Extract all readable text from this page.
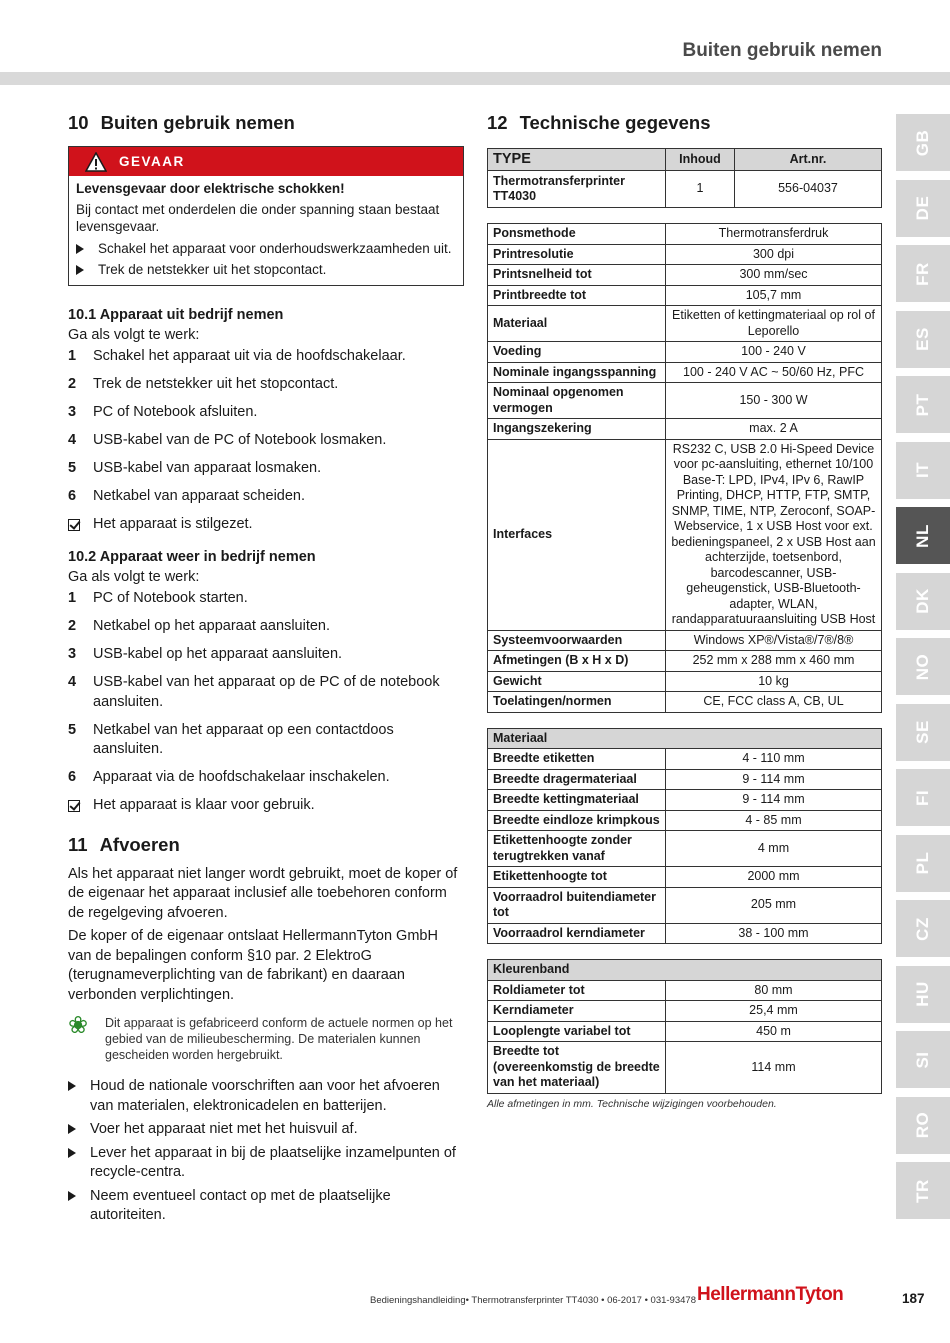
Buiten gebruik nemen
GB
DE
FR
ES
PT
IT
NL
DK
NO
SE
FI
PL
CZ
HU
SI
RO
TR
10 Buiten gebruik nemen
GEVAAR
Levensgevaar door elektrische schokken!
Bij contact met onderdelen die onder spanning staan bestaat levensgevaar.
Schakel het apparaat voor onderhoudswerkzaamheden uit.
Trek de netstekker uit het stopcontact.
10.1 Apparaat uit bedrijf nemen
Ga als volgt te werk:
1	Schakel het apparaat uit via de hoofdschakelaar.
2	Trek de netstekker uit het stopcontact.
3	PC of Notebook afsluiten.
4	USB-kabel van de PC of Notebook losmaken.
5	USB-kabel van apparaat losmaken.
6	Netkabel van apparaat scheiden.
Het apparaat is stilgezet.
10.2 Apparaat weer in bedrijf nemen
Ga als volgt te werk:
1	PC of Notebook starten.
2	Netkabel op het apparaat aansluiten.
3	USB-kabel op het apparaat aansluiten.
4	USB-kabel van het apparaat op de PC of de notebook aansluiten.
5	Netkabel van het apparaat op een contactdoos aansluiten.
6	Apparaat via de hoofdschakelaar inschakelen.
Het apparaat is klaar voor gebruik.
11 Afvoeren
Als het apparaat niet langer wordt gebruikt, moet de koper of de eigenaar het apparaat inclusief alle toebehoren conform de regelgeving afvoeren.
De koper of de eigenaar ontslaat HellermannTyton GmbH van de bepalingen conform §10 par. 2 ElektroG (terugnameverplichting van de fabrikant) en daaraan verbonden verplichtingen.
❀	Dit apparaat is gefabriceerd conform de actuele normen op het gebied van de milieubescherming. De materialen kunnen gescheiden worden hergebruikt.
Houd de nationale voorschriften aan voor het afvoeren van materialen, elektronicadelen en batterijen.
Voer het apparaat niet met het huisvuil af.
Lever het apparaat in bij de plaatselijke inzamelpunten of recycle-centra.
Neem eventueel contact op met de plaatselijke autoriteiten.
12 Technische gegevens
TYPE	Inhoud	Art.nr.
Thermotransferprinter TT4030	1	556-04037
Ponsmethode	Thermotransferdruk
Printresolutie	300 dpi
Printsnelheid tot	300 mm/sec
Printbreedte tot	105,7 mm
Materiaal	Etiketten of kettingmateriaal op rol of Leporello
Voeding	100 - 240 V
Nominale ingangsspanning	100 - 240 V AC ~ 50/60 Hz, PFC
Nominaal opgenomen vermogen	150 - 300 W
Ingangszekering	max. 2 A
Interfaces	RS232 C, USB 2.0 Hi-Speed Device voor pc-aansluiting, ethernet 10/100 Base-T: LPD, IPv4, IPv 6, RawIP Printing, DHCP, HTTP, FTP, SMTP, SNMP, TIME, NTP, Zeroconf, SOAP-Webservice, 1 x USB Host voor ext. bedieningspaneel, 2 x USB Host aan achterzijde, toetsenbord, barcodescanner, USB-geheugenstick, USB-Bluetooth-adapter, WLAN, randapparatuuraansluiting USB Host
Systeemvoorwaarden	Windows XP®/Vista®/7®/8®
Afmetingen (B x H x D)	252 mm x 288 mm x 460 mm
Gewicht	10 kg
Toelatingen/normen	CE, FCC class A, CB, UL
Materiaal	
Breedte etiketten	4 - 110 mm
Breedte dragermateriaal	9 - 114 mm
Breedte kettingmateriaal	9 - 114 mm
Breedte eindloze krimpkous	4 - 85 mm
Etikettenhoogte zonder terugtrekken vanaf	4 mm
Etikettenhoogte tot	2000 mm
Voorraadrol buitendiameter tot	205 mm
Voorraadrol kerndiameter	38 - 100 mm
Kleurenband	
Roldiameter tot	80 mm
Kerndiameter	25,4 mm
Looplengte variabel tot	450 m
Breedte tot (overeenkomstig de breedte van het materiaal)	114 mm
Alle afmetingen in mm. Technische wijzigingen voorbehouden.
Bedieningshandleiding• Thermotransferprinter TT4030 • 06-2017 • 031-93478 HellermannTyton	187
